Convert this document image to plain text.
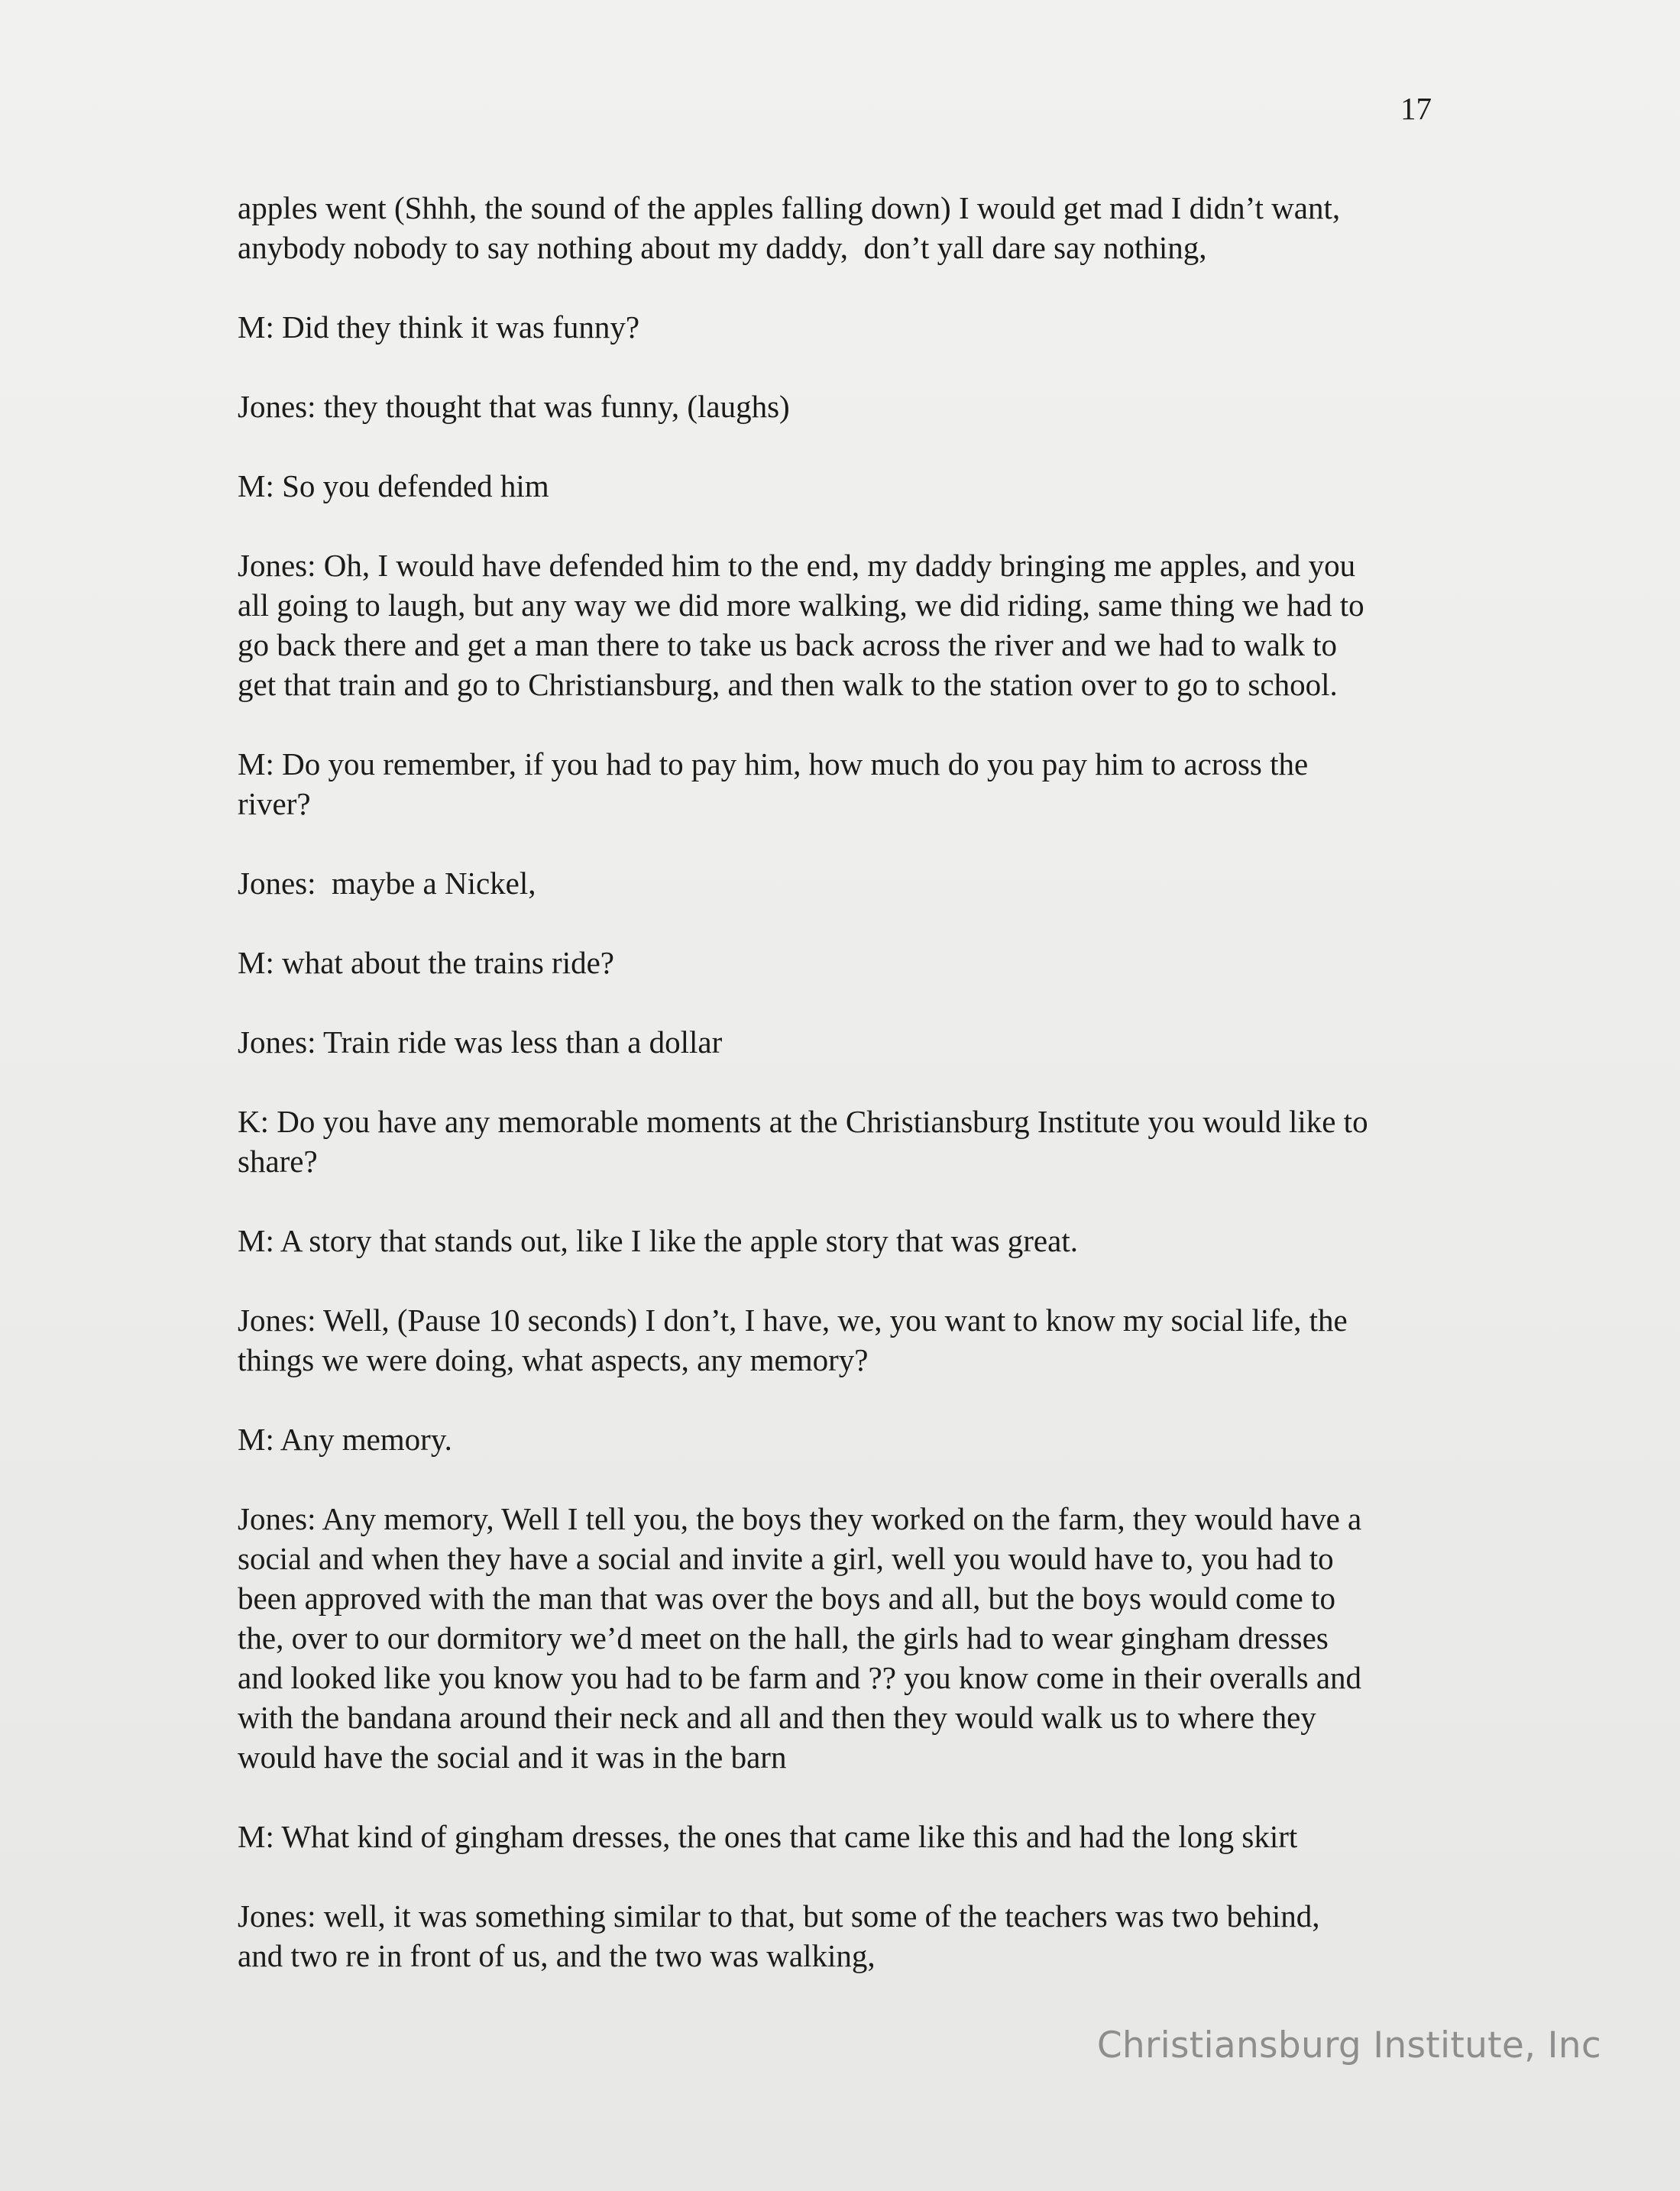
17

apples went (Shhh, the sound of the apples falling down) I would get mad I didn’t want,
anybody nobody to say nothing about my daddy,  don’t yall dare say nothing,

M: Did they think it was funny?

Jones: they thought that was funny, (laughs)

M: So you defended him

Jones: Oh, I would have defended him to the end, my daddy bringing me apples, and you
all going to laugh, but any way we did more walking, we did riding, same thing we had to
go back there and get a man there to take us back across the river and we had to walk to
get that train and go to Christiansburg, and then walk to the station over to go to school.

M: Do you remember, if you had to pay him, how much do you pay him to across the
river?

Jones:  maybe a Nickel,

M: what about the trains ride?

Jones: Train ride was less than a dollar

K: Do you have any memorable moments at the Christiansburg Institute you would like to
share?

M: A story that stands out, like I like the apple story that was great.

Jones: Well, (Pause 10 seconds) I don’t, I have, we, you want to know my social life, the
things we were doing, what aspects, any memory?

M: Any memory.

Jones: Any memory, Well I tell you, the boys they worked on the farm, they would have a
social and when they have a social and invite a girl, well you would have to, you had to
been approved with the man that was over the boys and all, but the boys would come to
the, over to our dormitory we’d meet on the hall, the girls had to wear gingham dresses
and looked like you know you had to be farm and ?? you know come in their overalls and
with the bandana around their neck and all and then they would walk us to where they
would have the social and it was in the barn

M: What kind of gingham dresses, the ones that came like this and had the long skirt

Jones: well, it was something similar to that, but some of the teachers was two behind,
and two re in front of us, and the two was walking,

Christiansburg Institute, Inc
